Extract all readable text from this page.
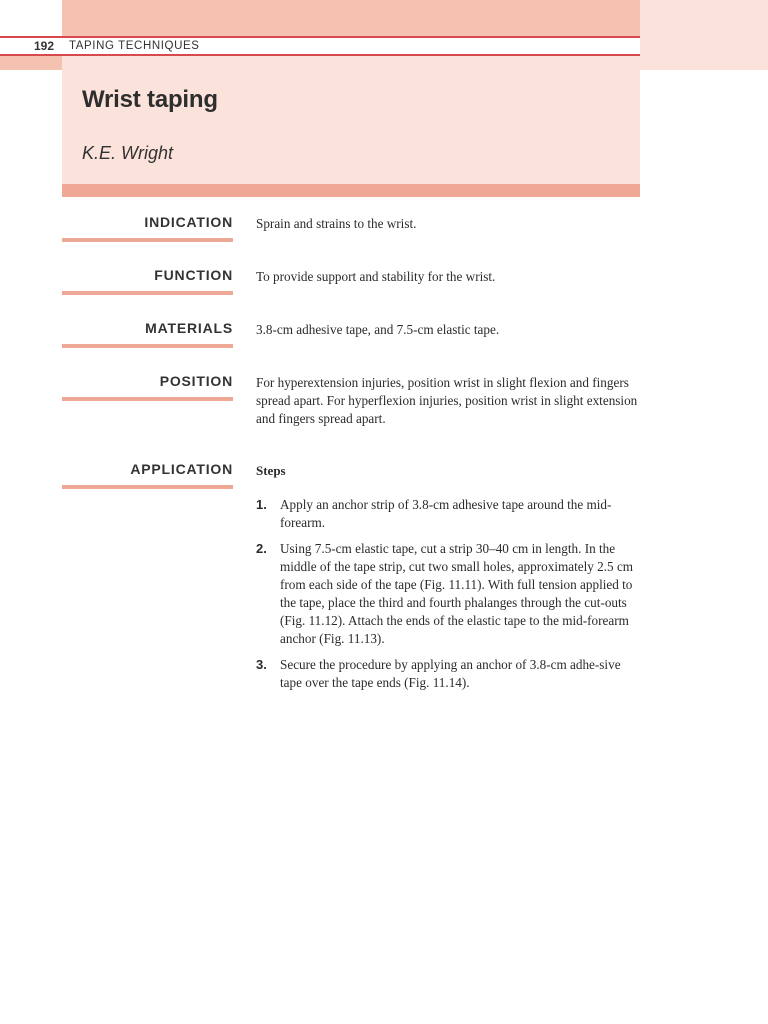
192	TAPING TECHNIQUES
Wrist taping
K.E. Wright
INDICATION Sprain and strains to the wrist.
FUNCTION To provide support and stability for the wrist.
MATERIALS 3.8-cm adhesive tape, and 7.5-cm elastic tape.
POSITION For hyperextension injuries, position wrist in slight flexion and fingers spread apart. For hyperflexion injuries, position wrist in slight extension and fingers spread apart.
APPLICATION Steps
1. Apply an anchor strip of 3.8-cm adhesive tape around the mid-forearm.
2. Using 7.5-cm elastic tape, cut a strip 30–40 cm in length. In the middle of the tape strip, cut two small holes, approximately 2.5 cm from each side of the tape (Fig. 11.11). With full tension applied to the tape, place the third and fourth phalanges through the cut-outs (Fig. 11.12). Attach the ends of the elastic tape to the mid-forearm anchor (Fig. 11.13).
3. Secure the procedure by applying an anchor of 3.8-cm adhe-sive tape over the tape ends (Fig. 11.14).
